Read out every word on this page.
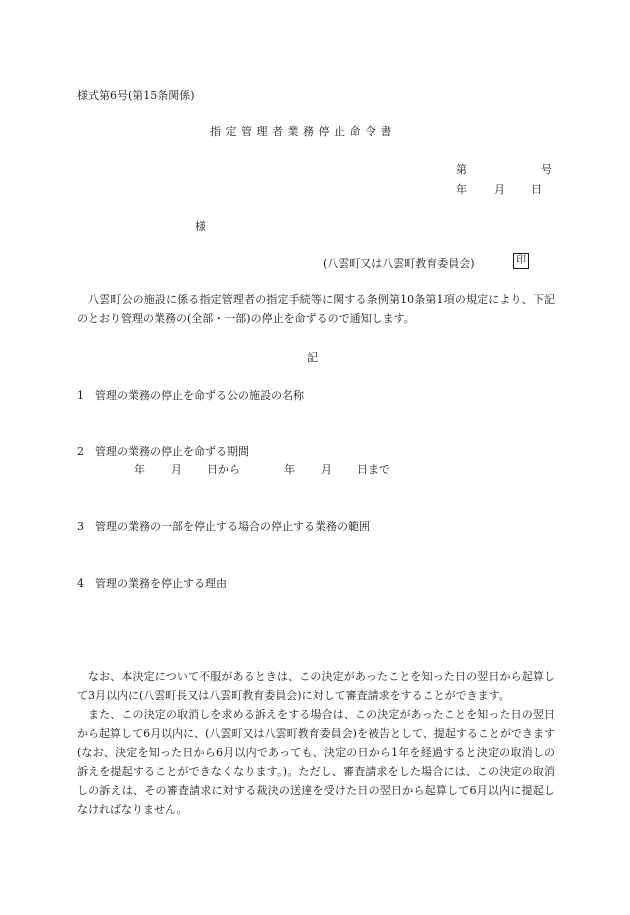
様式第6号(第15条関係)
指定管理者業務停止命令書
第	号
年 月 日
様
(八雲町又は八雲町教育委員会)	印

八雲町公の施設に係る指定管理者の指定手続等に関する条例第10条第1項の規定により、下記のとおり管理の業務の(全部・一部)の停止を命ずるので通知します。

記
1　管理の業務の停止を命ずる公の施設の名称
2　管理の業務の停止を命ずる期間
年 月 日から	年 月 日まで
3　管理の業務の一部を停止する場合の停止する業務の範囲
4　管理の業務を停止する理由

なお、本決定について不服があるときは、この決定があったことを知った日の翌日から起算して3月以内に(八雲町長又は八雲町教育委員会)に対して審査請求をすることができます。

また、この決定の取消しを求める訴えをする場合は、この決定があったことを知った日の翌日から起算して6月以内に、(八雲町又は八雲町教育委員会)を被告として、提起することができます(なお、決定を知った日から6月以内であっても、決定の日から1年を経過すると決定の取消しの訴えを提起することができなくなります。)。ただし、審査請求をした場合には、この決定の取消しの訴えは、その審査請求に対する裁決の送達を受けた日の翌日から起算して6月以内に提起しなければなりません。
